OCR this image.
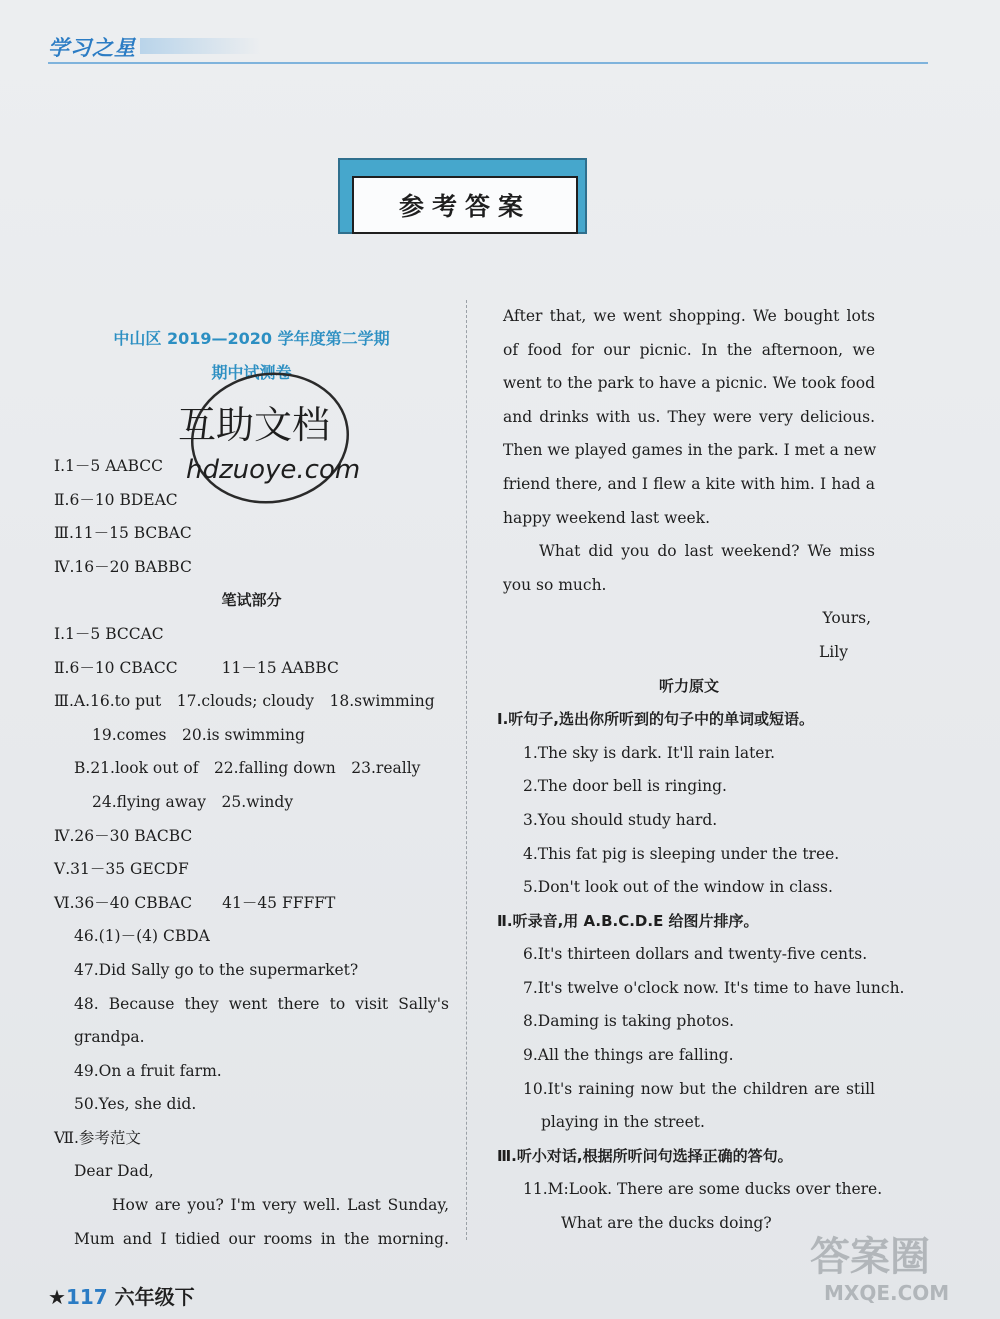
学习之星
参考答案
中山区 2019—2020 学年度第二学期
期中试测卷
Ⅰ.1－5 AABCC
Ⅱ.6－10 BDEAC
Ⅲ.11－15 BCBAC
Ⅳ.16－20 BABBC
笔试部分
Ⅰ.1－5 BCCAC
Ⅱ.6－10 CBACC	11－15 AABBC
Ⅲ.A.16.to put　17.clouds; cloudy　18.swimming
19.comes　20.is swimming
B.21.look out of　22.falling down　23.really
24.flying away　25.windy
Ⅳ.26－30 BACBC
Ⅴ.31－35 GECDF
Ⅵ.36－40 CBBAC 41－45 FFFFT
46.(1)－(4) CBDA
47.Did Sally go to the supermarket?
48. Because they went there to visit Sally's
grandpa.
49.On a fruit farm.
50.Yes, she did.
Ⅶ.参考范文
Dear Dad,
How are you? I'm very well. Last Sunday,
Mum and I tidied our rooms in the morning.
After that, we went shopping. We bought lots
of food for our picnic. In the afternoon, we
went to the park to have a picnic. We took food
and drinks with us. They were very delicious.
Then we played games in the park. I met a new
friend there, and I flew a kite with him. I had a
happy weekend last week.
What did you do last weekend? We miss
you so much.
Yours,
Lily
听力原文
Ⅰ.听句子,选出你所听到的句子中的单词或短语。
1.The sky is dark. It'll rain later.
2.The door bell is ringing.
3.You should study hard.
4.This fat pig is sleeping under the tree.
5.Don't look out of the window in class.
Ⅱ.听录音,用 A.B.C.D.E 给图片排序。
6.It's thirteen dollars and twenty-five cents.
7.It's twelve o'clock now. It's time to have lunch.
8.Daming is taking photos.
9.All the things are falling.
10.It's raining now but the children are still
playing in the street.
Ⅲ.听小对话,根据所听问句选择正确的答句。
11.M:Look. There are some ducks over there.
What are the ducks doing?
互助文档
hdzuoye.com
★117 六年级下
答案圈
MXQE.COM
